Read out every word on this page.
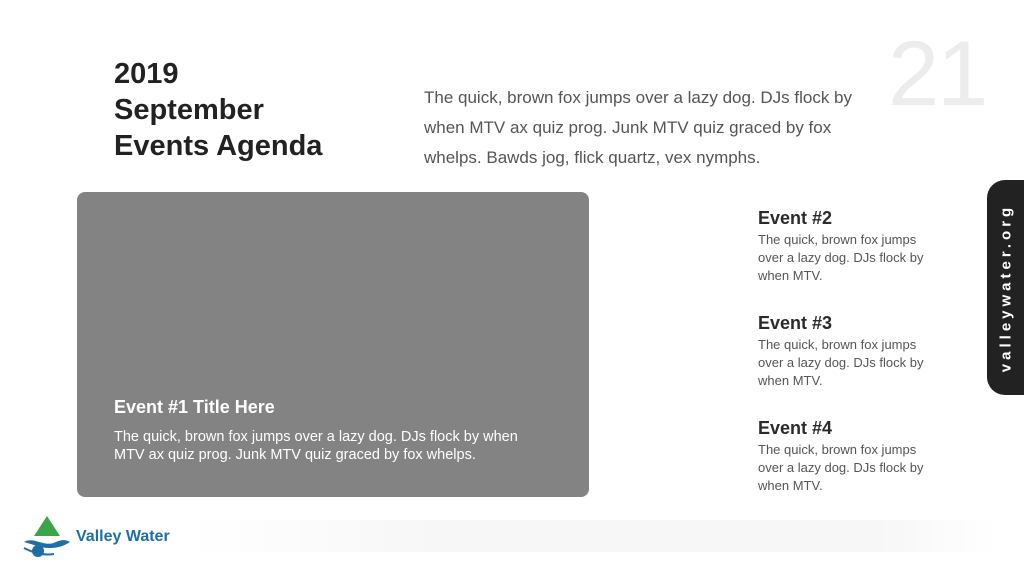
21
2019
September
Events Agenda
The quick, brown fox jumps over a lazy dog. DJs flock by when MTV ax quiz prog. Junk MTV quiz graced by fox whelps. Bawds jog, flick quartz, vex nymphs.
Event #1 Title Here
The quick, brown fox jumps over a lazy dog. DJs flock by when MTV ax quiz prog. Junk MTV quiz graced by fox whelps.
Event #2
The quick, brown fox jumps over a lazy dog. DJs flock by when MTV.
Event #3
The quick, brown fox jumps over a lazy dog. DJs flock by when MTV.
Event #4
The quick, brown fox jumps over a lazy dog. DJs flock by when MTV.
valleywater.org
Valley Water
